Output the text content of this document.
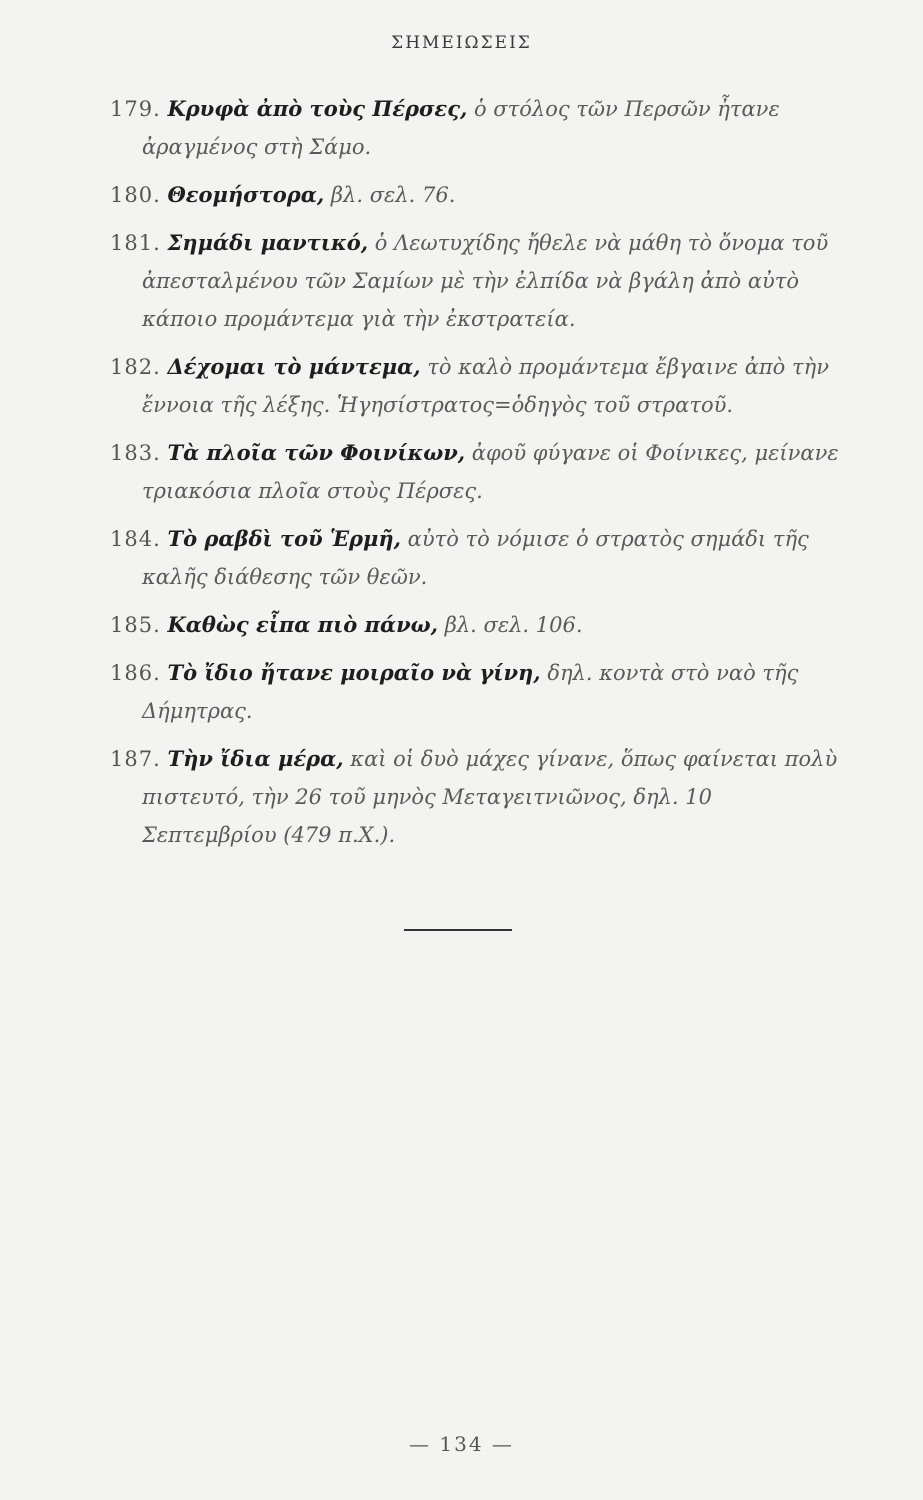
ΣΗΜΕΙΩΣΕΙΣ
179. Κρυφὰ ἀπὸ τοὺς Πέρσες, ὁ στόλος τῶν Περσῶν ἦτανε ἀραγμένος στὴ Σάμο.
180. Θεομήστορα, βλ. σελ. 76.
181. Σημάδι μαντικό, ὁ Λεωτυχίδης ἤθελε νὰ μάθη τὸ ὄνομα τοῦ ἀπεσταλμένου τῶν Σαμίων μὲ τὴν ἐλπίδα νὰ βγάλη ἀπὸ αὐτὸ κάποιο προμάντεμα γιὰ τὴν ἐκστρατεία.
182. Δέχομαι τὸ μάντεμα, τὸ καλὸ προμάντεμα ἔβγαινε ἀπὸ τὴν ἔννοια τῆς λέξης. Ἡγησίστρατος=ὁδηγὸς τοῦ στρατοῦ.
183. Τὰ πλοῖα τῶν Φοινίκων, ἀφοῦ φύγανε οἱ Φοίνικες, μείνανε τριακόσια πλοῖα στοὺς Πέρσες.
184. Τὸ ραβδὶ τοῦ Ἑρμῆ, αὐτὸ τὸ νόμισε ὁ στρατὸς σημάδι τῆς καλῆς διάθεσης τῶν θεῶν.
185. Καθὼς εἶπα πιὸ πάνω, βλ. σελ. 106.
186. Τὸ ἴδιο ἤτανε μοιραῖο νὰ γίνη, δηλ. κοντὰ στὸ ναὸ τῆς Δήμητρας.
187. Τὴν ἴδια μέρα, καὶ οἱ δυὸ μάχες γίνανε, ὅπως φαίνεται πολὺ πιστευτό, τὴν 26 τοῦ μηνὸς Μεταγειτνιῶνος, δηλ. 10 Σεπτεμβρίου (479 π.Χ.).
— 134 —
